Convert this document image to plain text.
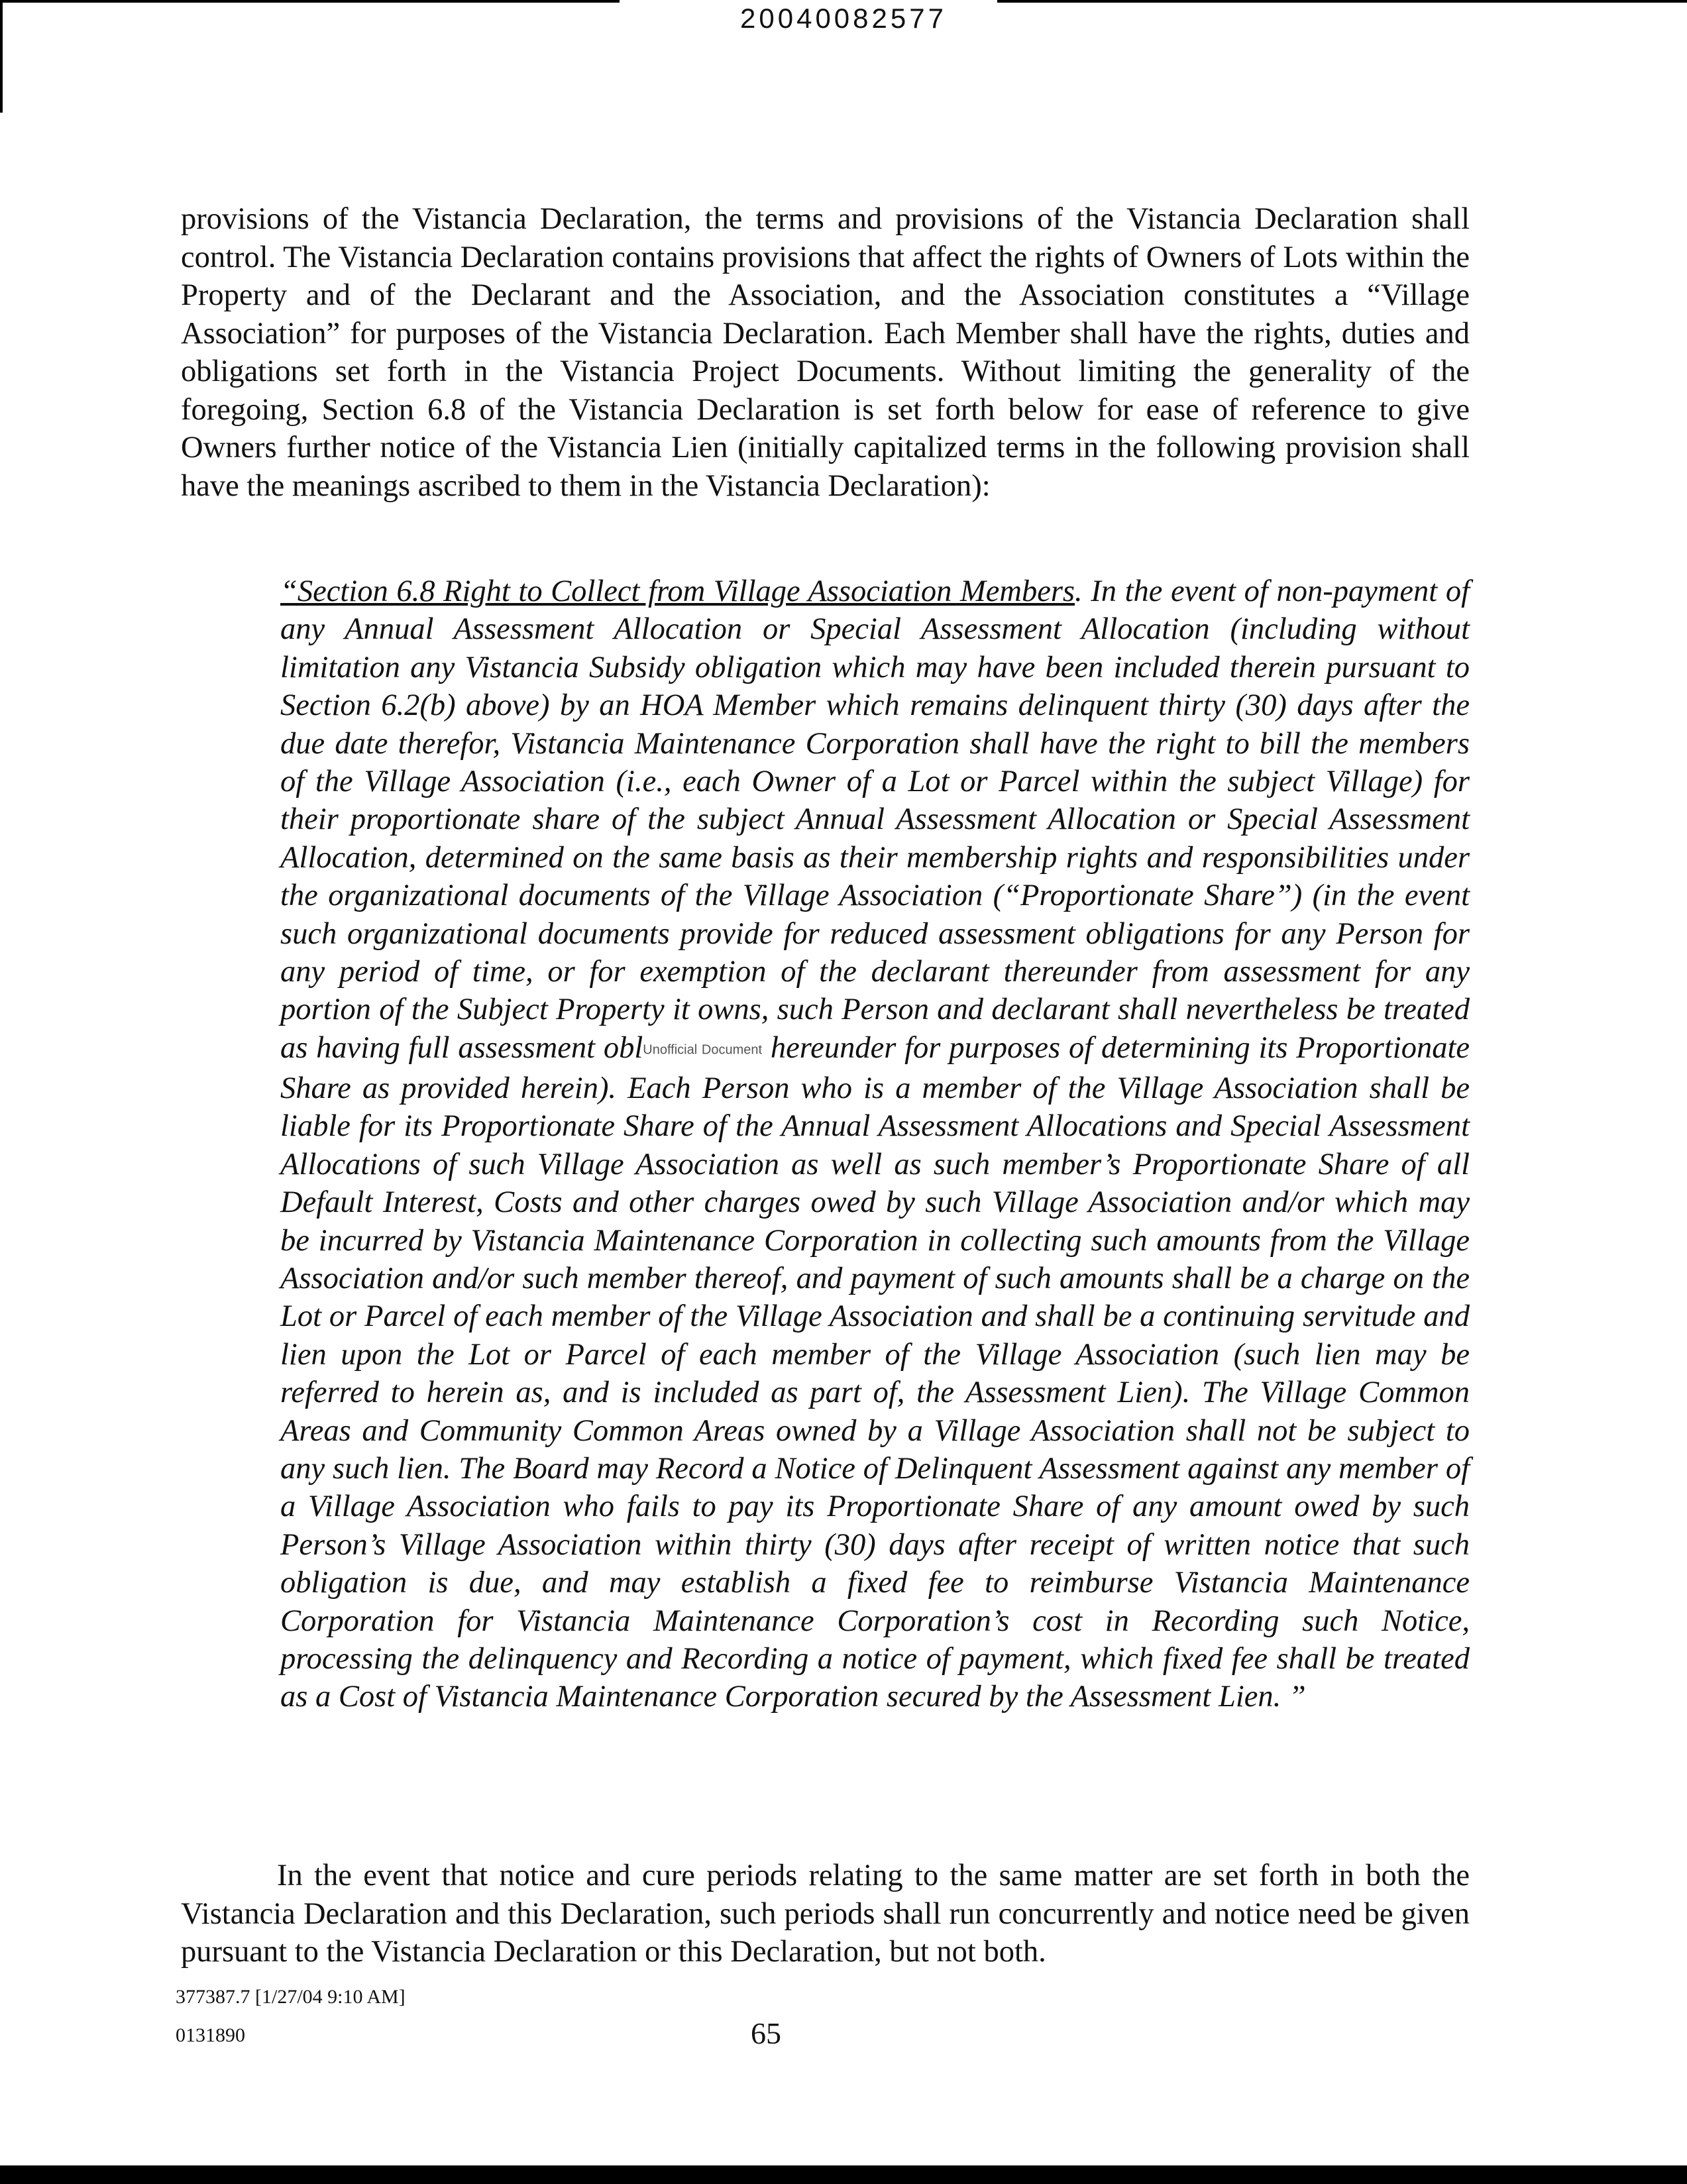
20040082577

provisions of the Vistancia Declaration, the terms and provisions of the Vistancia Declaration shall control. The Vistancia Declaration contains provisions that affect the rights of Owners of Lots within the Property and of the Declarant and the Association, and the Association constitutes a “Village Association” for purposes of the Vistancia Declaration. Each Member shall have the rights, duties and obligations set forth in the Vistancia Project Documents. Without limiting the generality of the foregoing, Section 6.8 of the Vistancia Declaration is set forth below for ease of reference to give Owners further notice of the Vistancia Lien (initially capitalized terms in the following provision shall have the meanings ascribed to them in the Vistancia Declaration):

“Section 6.8 Right to Collect from Village Association Members. In the event of non-payment of any Annual Assessment Allocation or Special Assessment Allocation (including without limitation any Vistancia Subsidy obligation which may have been included therein pursuant to Section 6.2(b) above) by an HOA Member which remains delinquent thirty (30) days after the due date therefor, Vistancia Maintenance Corporation shall have the right to bill the members of the Village Association (i.e., each Owner of a Lot or Parcel within the subject Village) for their proportionate share of the subject Annual Assessment Allocation or Special Assessment Allocation, determined on the same basis as their membership rights and responsibilities under the organizational documents of the Village Association (“Proportionate Share”) (in the event such organizational documents provide for reduced assessment obligations for any Person for any period of time, or for exemption of the declarant thereunder from assessment for any portion of the Subject Property it owns, such Person and declarant shall nevertheless be treated as having full assessment oblUnofficial Document hereunder for purposes of determining its Proportionate Share as provided herein). Each Person who is a member of the Village Association shall be liable for its Proportionate Share of the Annual Assessment Allocations and Special Assessment Allocations of such Village Association as well as such member’s Proportionate Share of all Default Interest, Costs and other charges owed by such Village Association and/or which may be incurred by Vistancia Maintenance Corporation in collecting such amounts from the Village Association and/or such member thereof, and payment of such amounts shall be a charge on the Lot or Parcel of each member of the Village Association and shall be a continuing servitude and lien upon the Lot or Parcel of each member of the Village Association (such lien may be referred to herein as, and is included as part of, the Assessment Lien). The Village Common Areas and Community Common Areas owned by a Village Association shall not be subject to any such lien. The Board may Record a Notice of Delinquent Assessment against any member of a Village Association who fails to pay its Proportionate Share of any amount owed by such Person’s Village Association within thirty (30) days after receipt of written notice that such obligation is due, and may establish a fixed fee to reimburse Vistancia Maintenance Corporation for Vistancia Maintenance Corporation’s cost in Recording such Notice, processing the delinquency and Recording a notice of payment, which fixed fee shall be treated as a Cost of Vistancia Maintenance Corporation secured by the Assessment Lien. ”

In the event that notice and cure periods relating to the same matter are set forth in both the Vistancia Declaration and this Declaration, such periods shall run concurrently and notice need be given pursuant to the Vistancia Declaration or this Declaration, but not both.

377387.7 [1/27/04 9:10 AM]
0131890	65
